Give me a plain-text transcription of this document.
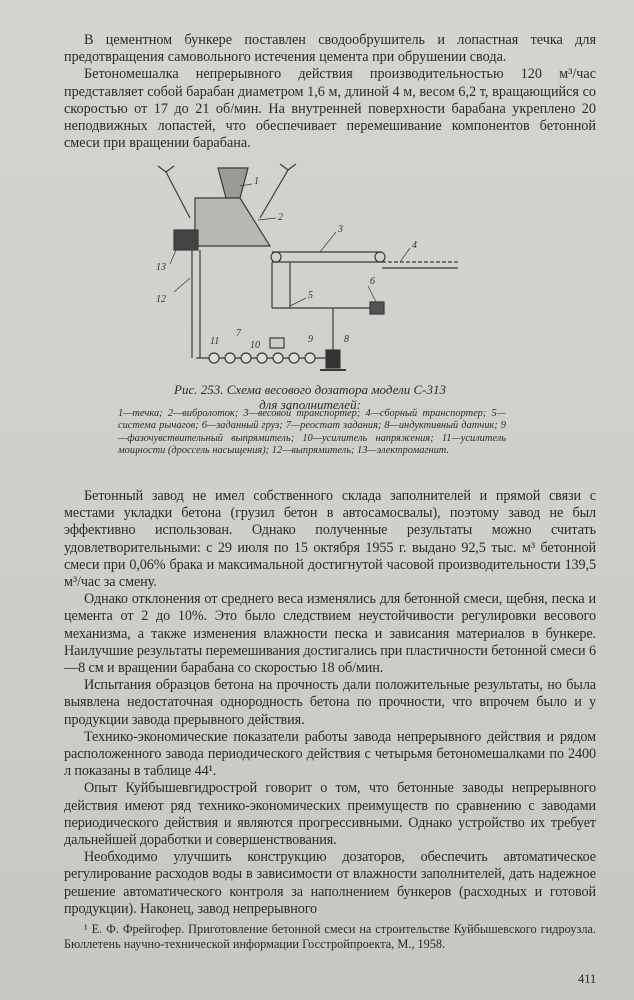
В цементном бункере поставлен сводообрушитель и лопастная течка для предотвращения самовольного истечения цемента при обрушении свода.

Бетономешалка непрерывного действия производительностью 120 м³/час представляет собой барабан диаметром 1,6 м, длиной 4 м, весом 6,2 т, вращающийся со скоростью от 17 до 21 об/мин. На внутренней поверхности барабана укреплено 20 неподвижных лопастей, что обеспечивает перемешивание компонентов бетонной смеси при вращении барабана.

1
2
3
4
5
6
7
8
9
10
11
12
13
Рис. 253. Схема весового дозатора модели С-313
для заполнителей:
1—течка; 2—вибролоток; 3—весовой транспортер; 4—сборный транспортер; 5—система рычагов; 6—заданный груз; 7—реостат задания; 8—индуктивный датчик; 9—фазочувствительный выпрямитель; 10—усилитель напряжения; 11—усилитель мощности (дроссель насыщения); 12—выпрямитель; 13—электромагнит.

Бетонный завод не имел собственного склада заполнителей и прямой связи с местами укладки бетона (грузил бетон в автосамосвалы), поэтому завод не был эффективно использован. Однако полученные результаты можно считать удовлетворительными: с 29 июля по 15 октября 1955 г. выдано 92,5 тыс. м³ бетонной смеси при 0,06% брака и максимальной достигнутой часовой производительности 139,5 м³/час за смену.

Однако отклонения от среднего веса изменялись для бетонной смеси, щебня, песка и цемента от 2 до 10%. Это было следствием неустойчивости регулировки весового механизма, а также изменения влажности песка и зависания материалов в бункере. Наилучшие результаты перемешивания достигались при пластичности бетонной смеси 6—8 см и вращении барабана со скоростью 18 об/мин.

Испытания образцов бетона на прочность дали положительные результаты, но была выявлена недостаточная однородность бетона по прочности, что впрочем было и у продукции завода прерывного действия.

Технико-экономические показатели работы завода непрерывного действия и рядом расположенного завода периодического действия с четырьмя бетономешалками по 2400 л показаны в таблице 44¹.

Опыт Куйбышевгидрострой говорит о том, что бетонные заводы непрерывного действия имеют ряд технико-экономических преимуществ по сравнению с заводами периодического действия и являются прогрессивными. Однако устройство их требует дальнейшей доработки и совершенствования.

Необходимо улучшить конструкцию дозаторов, обеспечить автоматическое регулирование расходов воды в зависимости от влажности заполнителей, дать надежное решение автоматического контроля за наполнением бункеров (расходных и готовой продукции). Наконец, завод непрерывного

¹ Е. Ф. Фрейгофер. Приготовление бетонной смеси на строительстве Куйбышевского гидроузла. Бюллетень научно-технической информации Госстройпроекта, М., 1958.
411
